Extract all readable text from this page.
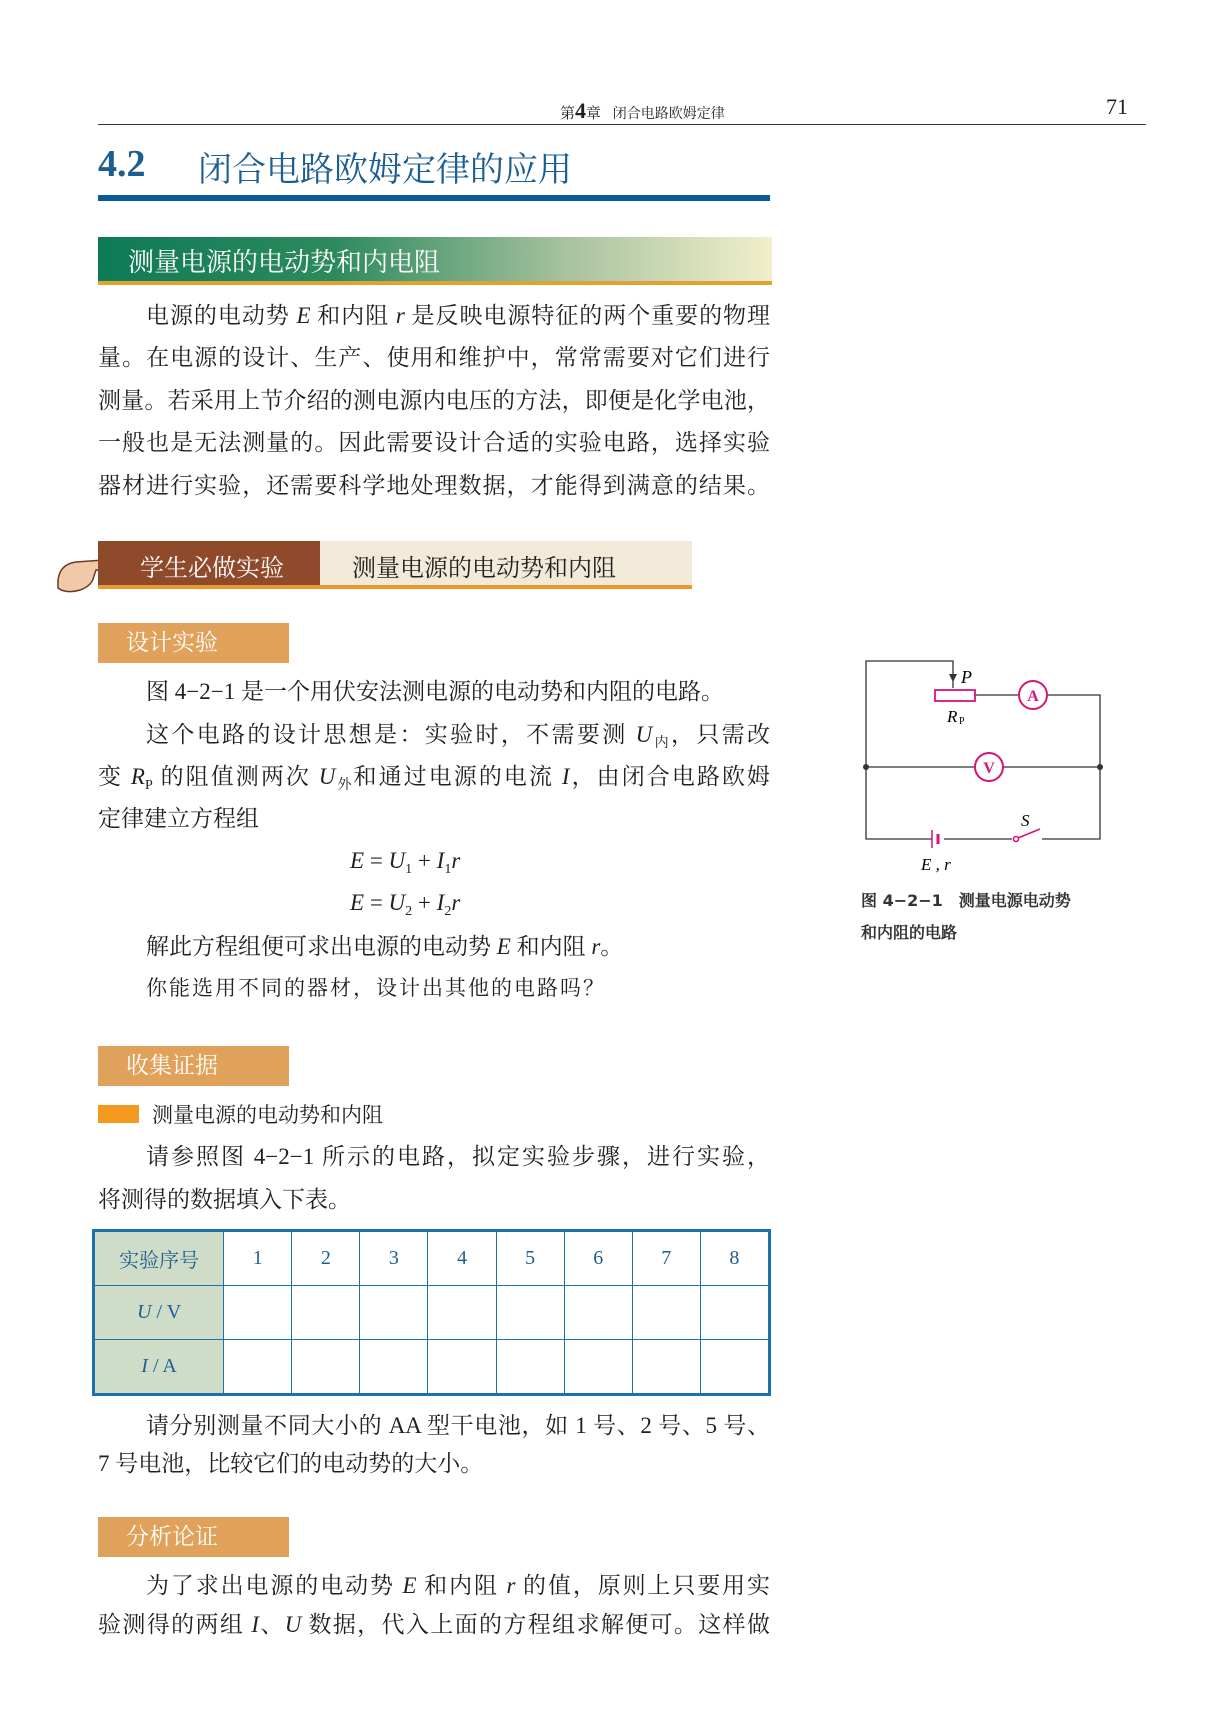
第4章 闭合电路欧姆定律	71
4.2 闭合电路欧姆定律的应用
测量电源的电动势和内电阻
电源的电动势 E 和内阻 r 是反映电源特征的两个重要的物理
量。在电源的设计、生产、使用和维护中，常常需要对它们进行
测量。若采用上节介绍的测电源内电压的方法，即便是化学电池，
一般也是无法测量的。因此需要设计合适的实验电路，选择实验
器材进行实验，还需要科学地处理数据，才能得到满意的结果。
学生必做实验	测量电源的电动势和内阻
设计实验
图 4−2−1 是一个用伏安法测电源的电动势和内阻的电路。
这个电路的设计思想是：实验时，不需要测 $U_内$，只需改
变 $R_P$ 的阻值测两次 $U_外$和通过电源的电流 I，由闭合电路欧姆
定律建立方程组
$E = U_1 + I_1r$
$E = U_2 + I_2r$
解此方程组便可求出电源的电动势 E 和内阻 r。
你能选用不同的器材，设计出其他的电路吗？
收集证据
测量电源的电动势和内阻
请参照图 4−2−1 所示的电路，拟定实验步骤，进行实验，
将测得的数据填入下表。
实验序号	1	2	3	4	5	6	7	8
U / V								
I / A								
请分别测量不同大小的 AA 型干电池，如 1 号、2 号、5 号、
7 号电池，比较它们的电动势的大小。
分析论证
为了求出电源的电动势 E 和内阻 r 的值，原则上只要用实
验测得的两组 I、U 数据，代入上面的方程组求解便可。这样做
P
R P
A
V
S
E , r
图 4−2−1　测量电源电动势
和内阻的电路
